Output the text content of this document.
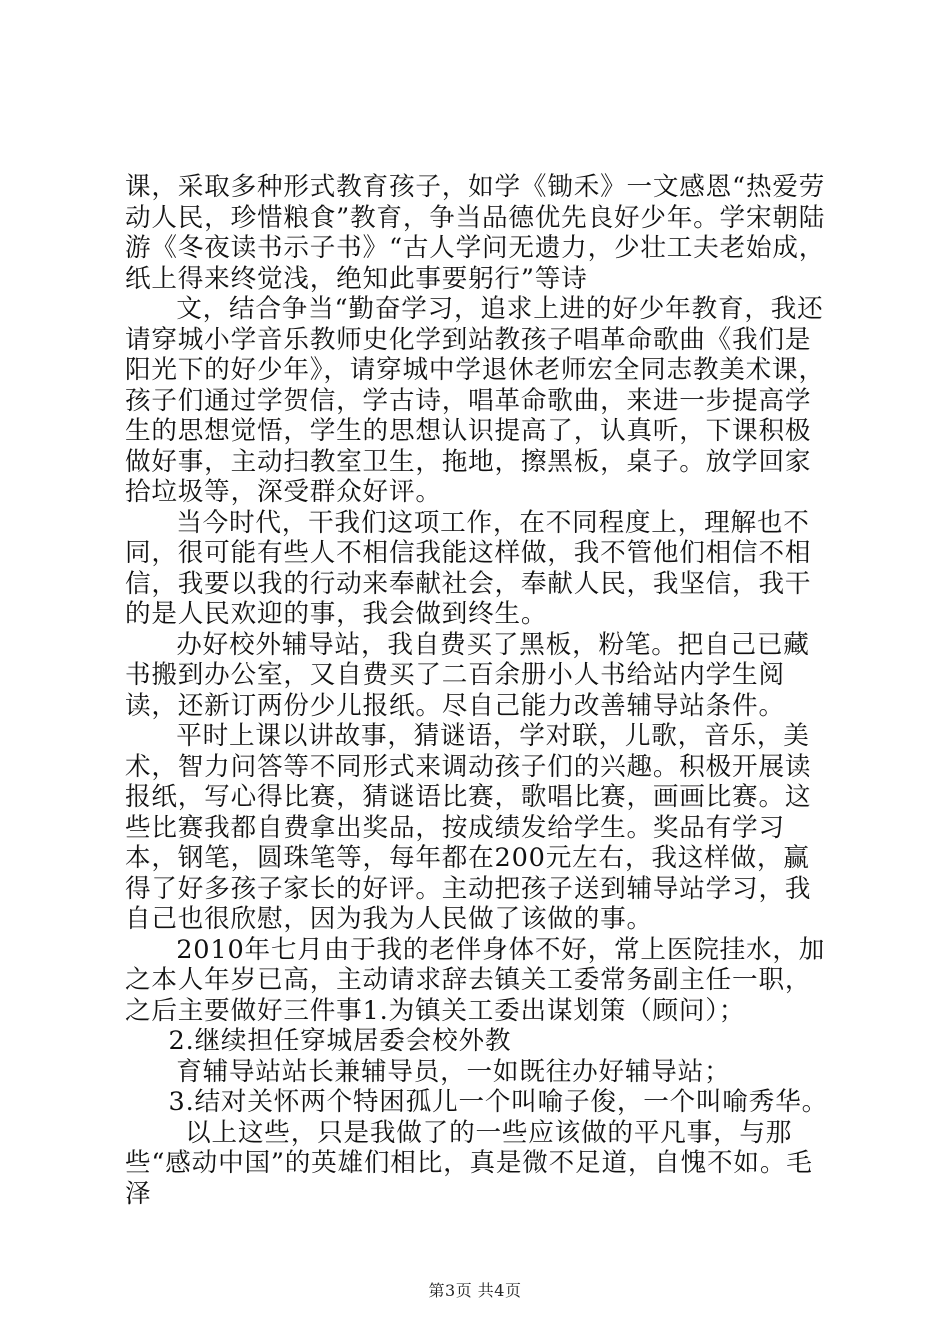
课，采取多种形式教育孩子，如学《锄禾》一文感恩“热爱劳动人民，珍惜粮食”教育，争当品德优先良好少年。学宋朝陆游《冬夜读书示子书》“古人学问无遗力，少壮工夫老始成，纸上得来终觉浅，绝知此事要躬行”等诗

文，结合争当“勤奋学习，追求上进的好少年教育，我还请穿城小学音乐教师史化学到站教孩子唱革命歌曲《我们是阳光下的好少年》，请穿城中学退休老师宏全同志教美术课，孩子们通过学贺信，学古诗，唱革命歌曲，来进一步提高学生的思想觉悟，学生的思想认识提高了，认真听，下课积极做好事，主动扫教室卫生，拖地，擦黑板，桌子。放学回家拾垃圾等，深受群众好评。

当今时代，干我们这项工作，在不同程度上，理解也不同，很可能有些人不相信我能这样做，我不管他们相信不相信，我要以我的行动来奉献社会，奉献人民，我坚信，我干的是人民欢迎的事，我会做到终生。

办好校外辅导站，我自费买了黑板，粉笔。把自己已藏书搬到办公室，又自费买了二百余册小人书给站内学生阅读，还新订两份少儿报纸。尽自己能力改善辅导站条件。

平时上课以讲故事，猜谜语，学对联，儿歌，音乐，美术，智力问答等不同形式来调动孩子们的兴趣。积极开展读报纸，写心得比赛，猜谜语比赛，歌唱比赛，画画比赛。这些比赛我都自费拿出奖品，按成绩发给学生。奖品有学习本，钢笔，圆珠笔等，每年都在200元左右，我这样做，赢得了好多孩子家长的好评。主动把孩子送到辅导站学习，我自己也很欣慰，因为我为人民做了该做的事。

2010年七月由于我的老伴身体不好，常上医院挂水，加之本人年岁已高，主动请求辞去镇关工委常务副主任一职，之后主要做好三件事1.为镇关工委出谋划策（顾问）；

2.继续担任穿城居委会校外教

育辅导站站长兼辅导员，一如既往办好辅导站；

3.结对关怀两个特困孤儿一个叫喻子俊，一个叫喻秀华。

以上这些，只是我做了的一些应该做的平凡事，与那些“感动中国”的英雄们相比，真是微不足道，自愧不如。毛泽

第3页 共4页
